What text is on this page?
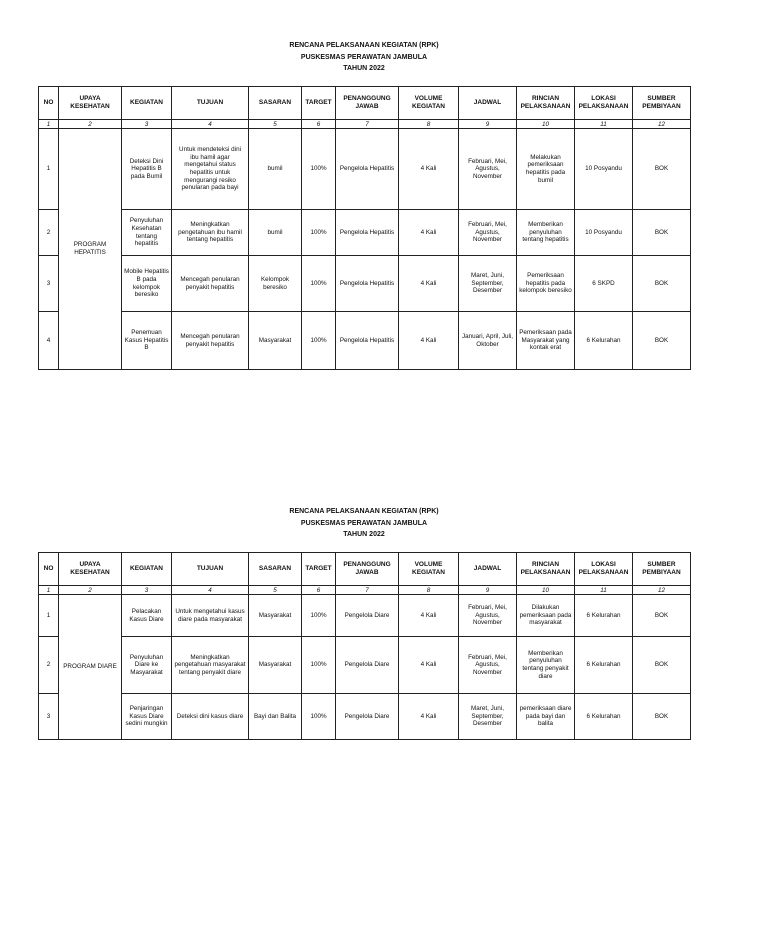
RENCANA PELAKSANAAN KEGIATAN (RPK)
PUSKESMAS PERAWATAN JAMBULA
TAHUN 2022
NO	UPAYA KESEHATAN	KEGIATAN	TUJUAN	SASARAN	TARGET	PENANGGUNG JAWAB	VOLUME KEGIATAN	JADWAL	RINCIAN PELAKSANAAN	LOKASI PELAKSANAAN	SUMBER PEMBIYAAN
1	2	3	4	5	6	7	8	9	10	11	12
1	PROGRAM HEPATITIS	Deteksi Dini Hepatitis B pada Bumil	Untuk mendeteksi dini ibu hamil agar mengetahui status hepatitis untuk mengurangi resiko penularan pada bayi	bumil	100%	Pengelola Hepatitis	4 Kali	Februari, Mei, Agustus, November	Melakukan pemeriksaan hepatitis pada bumil	10 Posyandu	BOK
2		Penyuluhan Kesehatan tentang hepatitis	Meningkatkan pengetahuan ibu hamil tentang hepatitis	bumil	100%	Pengelola Hepatitis	4 Kali	Februari, Mei, Agustus, November	Memberikan penyuluhan tentang hepatitis	10 Posyandu	BOK
3		Mobile Hepatitis B pada kelompok beresiko	Mencegah penularan penyakit hepatitis	Kelompok beresiko	100%	Pengelola Hepatitis	4 Kali	Maret, Juni, September, Desember	Pemeriksaan hepatitis pada kelompok beresiko	6 SKPD	BOK
4		Penemuan Kasus Hepatitis B	Mencegah penularan penyakit hepatitis	Masyarakat	100%	Pengelola Hepatitis	4 Kali	Januari, April, Juli, Oktober	Pemeriksaan pada Masyarakat yang kontak erat	6 Kelurahan	BOK
RENCANA PELAKSANAAN KEGIATAN (RPK)
PUSKESMAS PERAWATAN JAMBULA
TAHUN 2022
NO	UPAYA KESEHATAN	KEGIATAN	TUJUAN	SASARAN	TARGET	PENANGGUNG JAWAB	VOLUME KEGIATAN	JADWAL	RINCIAN PELAKSANAAN	LOKASI PELAKSANAAN	SUMBER PEMBIYAAN
1	2	3	4	5	6	7	8	9	10	11	12
1	PROGRAM DIARE	Pelacakan Kasus Diare	Untuk mengetahui kasus diare pada masyarakat	Masyarakat	100%	Pengelola Diare	4 Kali	Februari, Mei, Agustus, November	Dilakukan pemeriksaan pada masyarakat	6 Kelurahan	BOK
2		Penyuluhan Diare ke Masyarakat	Meningkatkan pengetahuan masyarakat tentang penyakit diare	Masyarakat	100%	Pengelola Diare	4 Kali	Februari, Mei, Agustus, November	Memberikan penyuluhan tentang penyakit diare	6 Kelurahan	BOK
3		Penjaringan Kasus Diare sedini mungkin	Deteksi dini kasus diare	Bayi dan Balita	100%	Pengelola Diare	4 Kali	Maret, Juni, September, Desember	pemeriksaan diare pada bayi dan balita	6 Kelurahan	BOK
